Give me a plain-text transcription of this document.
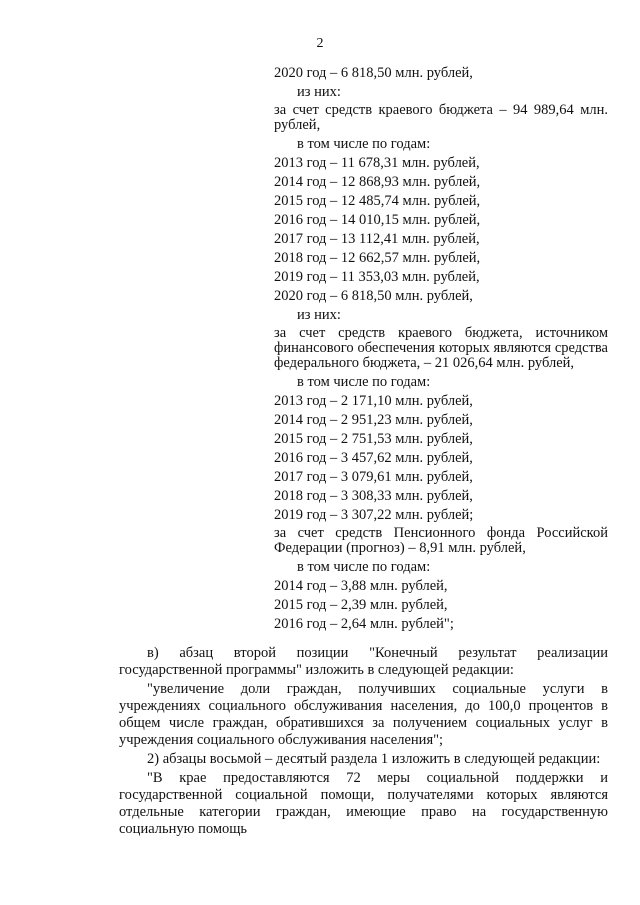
2
2020 год – 6 818,50 млн. рублей,
из них:
за счет средств краевого бюджета – 94 989,64 млн. рублей,
в том числе по годам:
2013 год – 11 678,31 млн. рублей,
2014 год – 12 868,93 млн. рублей,
2015 год – 12 485,74 млн. рублей,
2016 год – 14 010,15 млн. рублей,
2017 год – 13 112,41 млн. рублей,
2018 год – 12 662,57 млн. рублей,
2019 год – 11 353,03 млн. рублей,
2020 год – 6 818,50 млн. рублей,
из них:
за счет средств краевого бюджета, источником финансового обеспечения которых являются средства федерального бюджета, – 21 026,64 млн. рублей,
в том числе по годам:
2013 год – 2 171,10 млн. рублей,
2014 год – 2 951,23 млн. рублей,
2015 год – 2 751,53 млн. рублей,
2016 год – 3 457,62 млн. рублей,
2017 год – 3 079,61 млн. рублей,
2018 год – 3 308,33 млн. рублей,
2019 год – 3 307,22 млн. рублей;
за счет средств Пенсионного фонда Российской Федерации (прогноз) – 8,91 млн. рублей,
в том числе по годам:
2014 год – 3,88 млн. рублей,
2015 год – 2,39 млн. рублей,
2016 год – 2,64 млн. рублей";

в) абзац второй позиции "Конечный результат реализации государственной программы" изложить в следующей редакции:

"увеличение доли граждан, получивших социальные услуги в учреждениях социального обслуживания населения, до 100,0 процентов в общем числе граждан, обратившихся за получением социальных услуг в учреждения социального обслуживания населения";

2) абзацы восьмой – десятый раздела 1 изложить в следующей редакции:

"В крае предоставляются 72 меры социальной поддержки и государственной социальной помощи, получателями которых являются отдельные категории граждан, имеющие право на государственную социальную помощь
